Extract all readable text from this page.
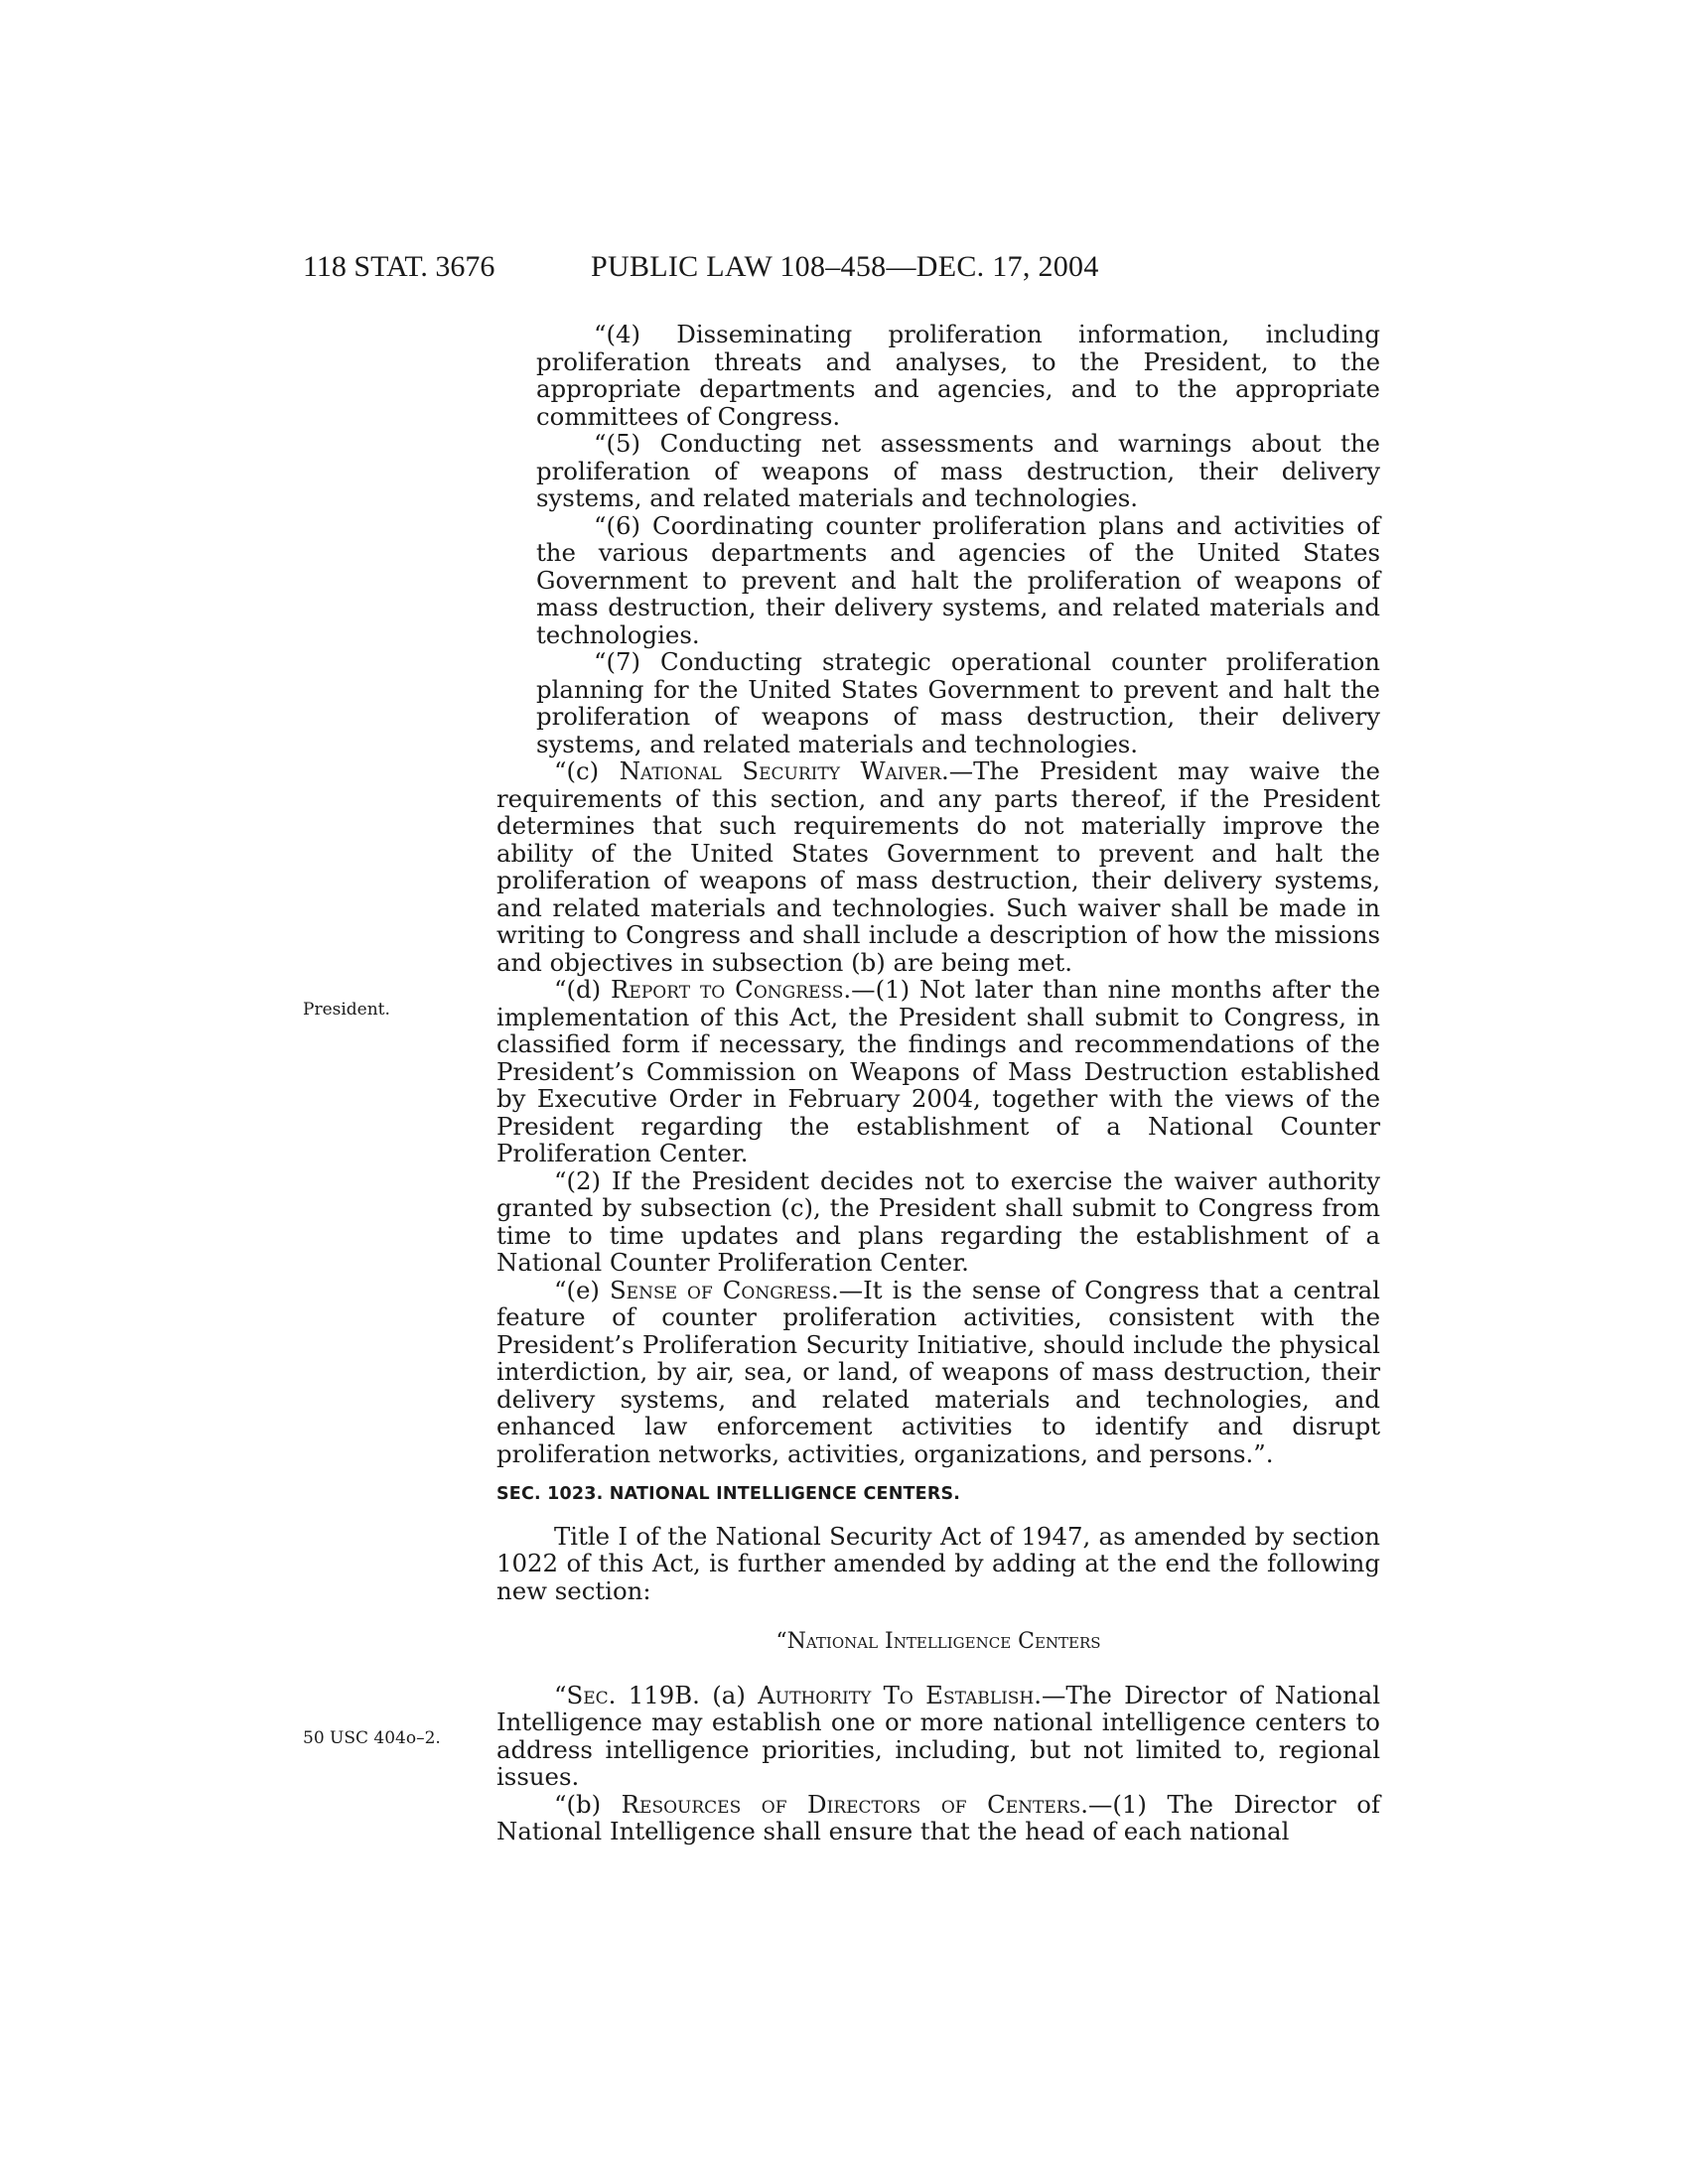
118 STAT. 3676	PUBLIC LAW 108–458—DEC. 17, 2004
President.
50 USC 404o–2.

“(4) Disseminating proliferation information, including proliferation threats and analyses, to the President, to the appropriate departments and agencies, and to the appropriate committees of Congress.

“(5) Conducting net assessments and warnings about the proliferation of weapons of mass destruction, their delivery systems, and related materials and technologies.

“(6) Coordinating counter proliferation plans and activities of the various departments and agencies of the United States Government to prevent and halt the proliferation of weapons of mass destruction, their delivery systems, and related materials and technologies.

“(7) Conducting strategic operational counter proliferation planning for the United States Government to prevent and halt the proliferation of weapons of mass destruction, their delivery systems, and related materials and technologies.

“(c) National Security Waiver.—The President may waive the requirements of this section, and any parts thereof, if the President determines that such requirements do not materially improve the ability of the United States Government to prevent and halt the proliferation of weapons of mass destruction, their delivery systems, and related materials and technologies. Such waiver shall be made in writing to Congress and shall include a description of how the missions and objectives in subsection (b) are being met.

“(d) Report to Congress.—(1) Not later than nine months after the implementation of this Act, the President shall submit to Congress, in classified form if necessary, the findings and recommendations of the President’s Commission on Weapons of Mass Destruction established by Executive Order in February 2004, together with the views of the President regarding the establishment of a National Counter Proliferation Center.

“(2) If the President decides not to exercise the waiver authority granted by subsection (c), the President shall submit to Congress from time to time updates and plans regarding the establishment of a National Counter Proliferation Center.

“(e) Sense of Congress.—It is the sense of Congress that a central feature of counter proliferation activities, consistent with the President’s Proliferation Security Initiative, should include the physical interdiction, by air, sea, or land, of weapons of mass destruction, their delivery systems, and related materials and technologies, and enhanced law enforcement activities to identify and disrupt proliferation networks, activities, organizations, and persons.”.

SEC. 1023. NATIONAL INTELLIGENCE CENTERS.

Title I of the National Security Act of 1947, as amended by section 1022 of this Act, is further amended by adding at the end the following new section:

“National Intelligence Centers

“Sec. 119B. (a) Authority To Establish.—The Director of National Intelligence may establish one or more national intelligence centers to address intelligence priorities, including, but not limited to, regional issues.

“(b) Resources of Directors of Centers.—(1) The Director of National Intelligence shall ensure that the head of each national
